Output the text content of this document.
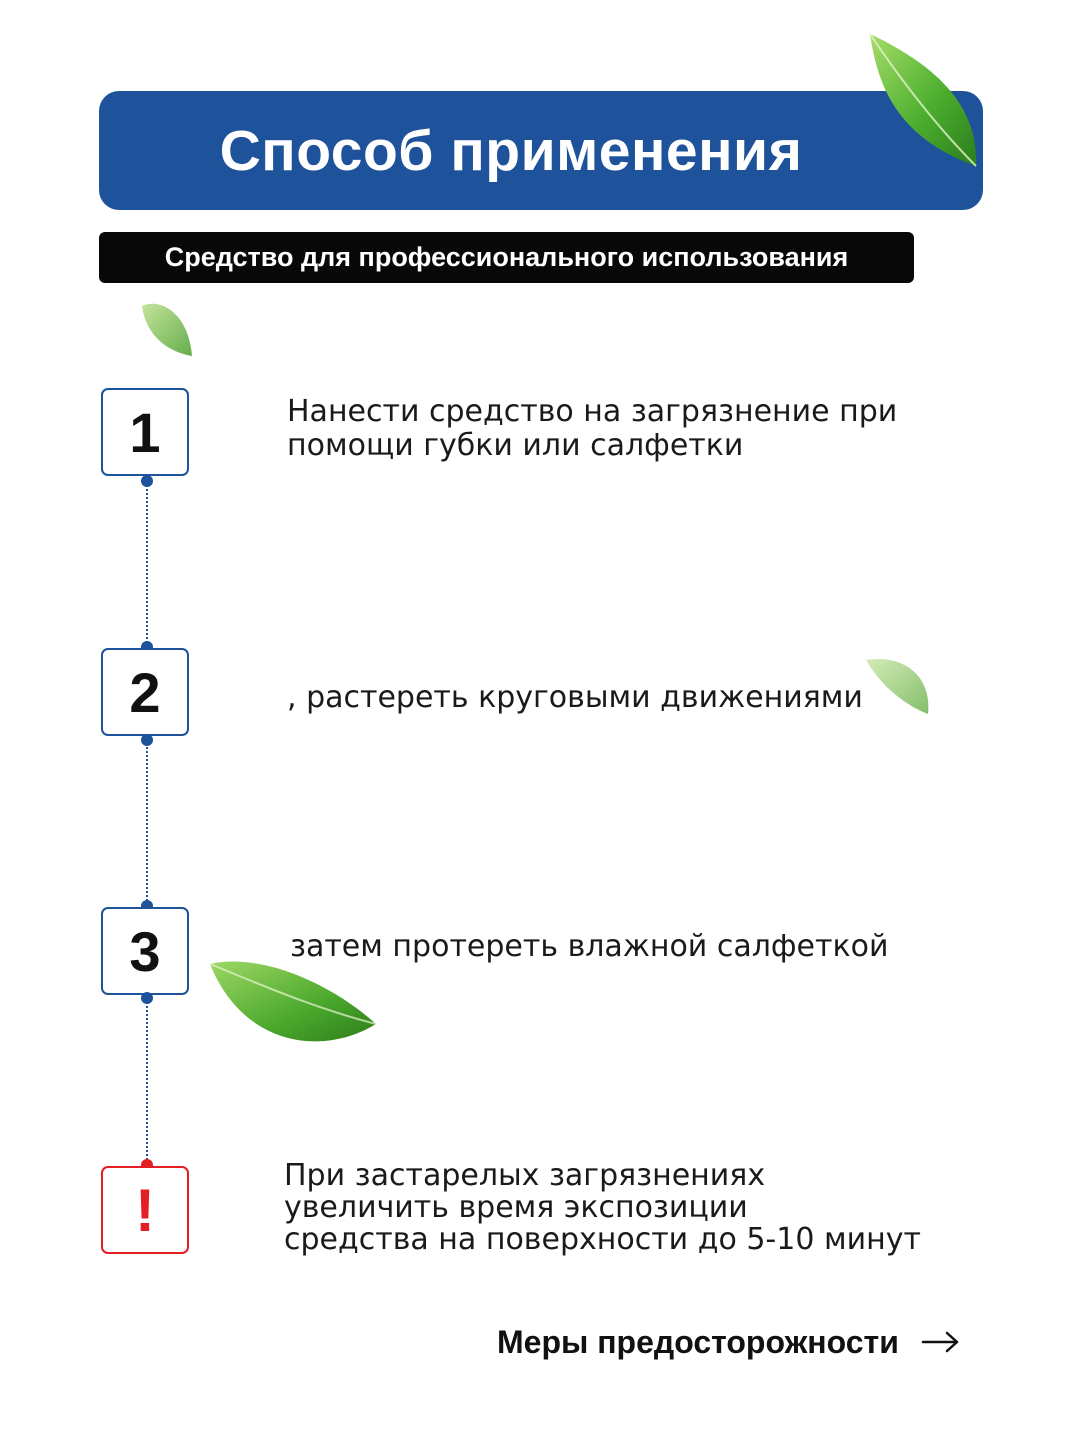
Способ применения
Средство для профессионального использования
1	Нанести средство на загрязнение при
помощи губки или салфетки
2	, растереть круговыми движениями
3	затем протереть влажной салфеткой
!
При застарелых загрязнениях
увеличить время экспозиции
средства на поверхности до 5-10 минут
Меры предосторожности
